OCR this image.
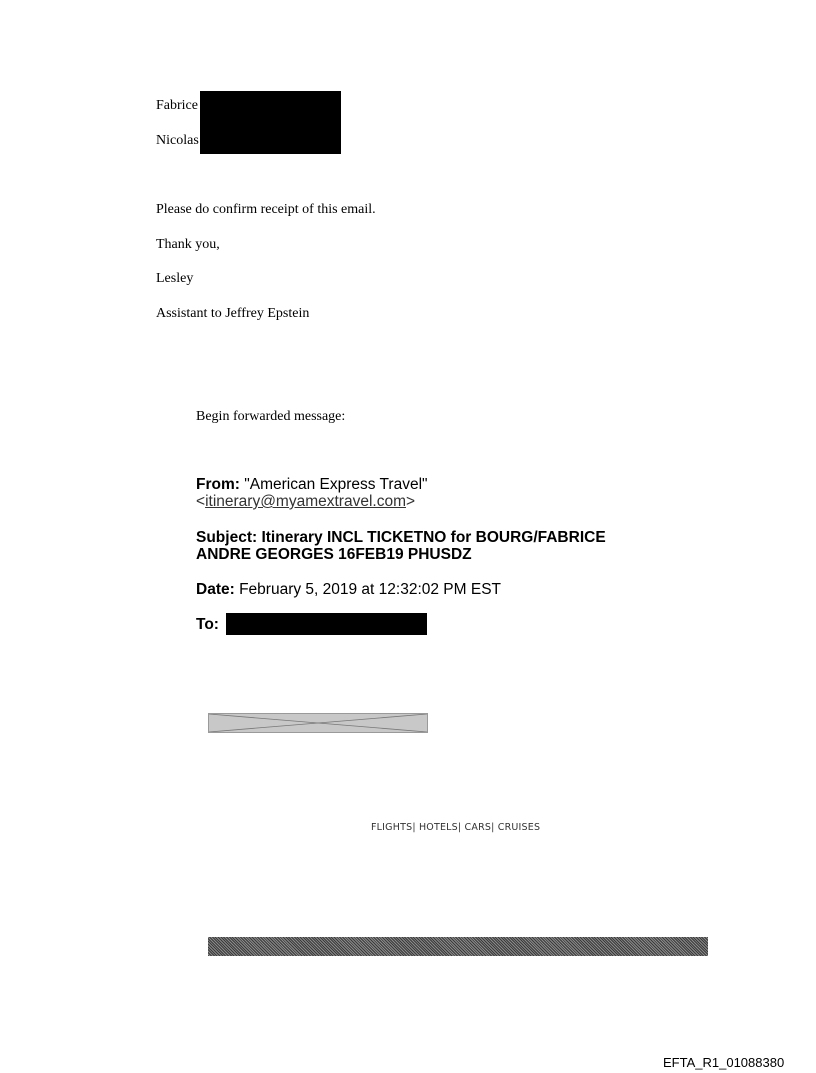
Fabrice
Nicolas
Please do confirm receipt of this email.
Thank you,
Lesley
Assistant to Jeffrey Epstein
Begin forwarded message:
From: "American Express Travel"
<itinerary@myamextravel.com>
Subject: Itinerary INCL TICKETNO for BOURG/FABRICE
ANDRE GEORGES 16FEB19 PHUSDZ
Date: February 5, 2019 at 12:32:02 PM EST
To:
FLIGHTS| HOTELS| CARS| CRUISES
EFTA_R1_01088380
